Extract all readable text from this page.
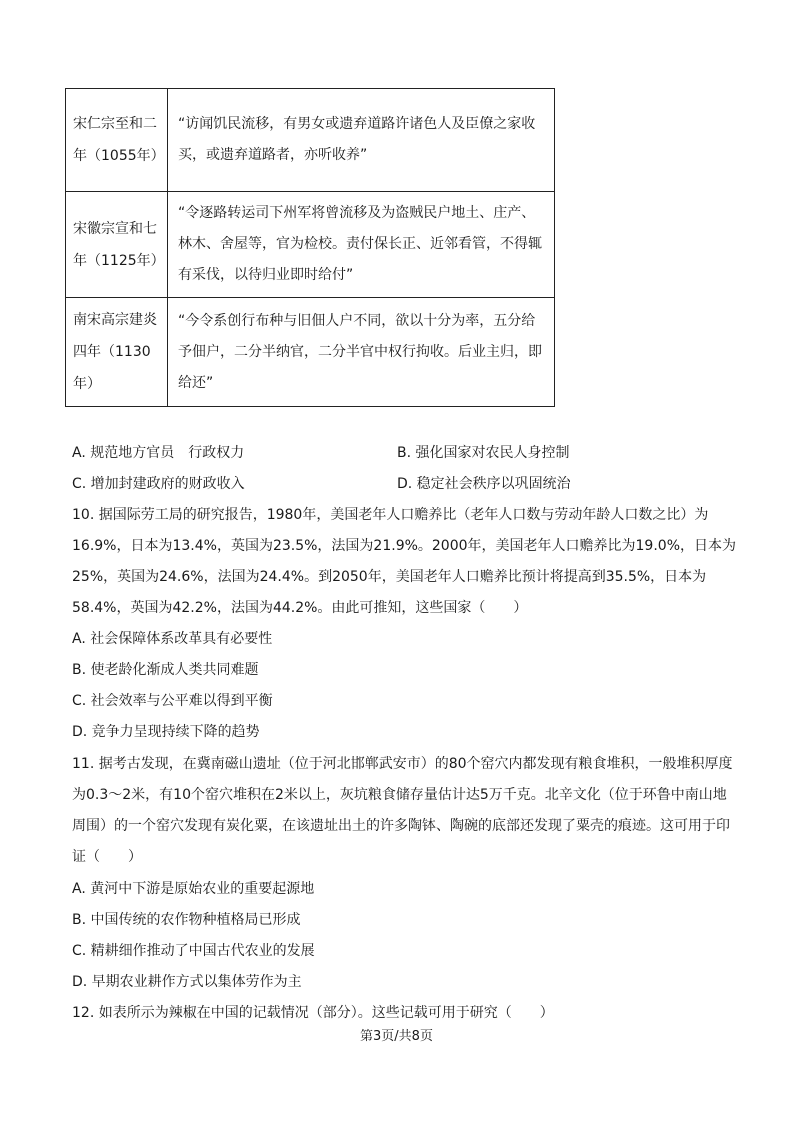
宋仁宗至和二年（1055年）	“访闻饥民流移，有男女或遗弃道路许诸色人及臣僚之家收买，或遗弃道路者，亦听收养”
宋徽宗宣和七年（1125年）	“令逐路转运司下州军将曾流移及为盗贼民户地土、庄产、林木、舍屋等，官为检校。责付保长正、近邻看管，不得辄有采伐，以待归业即时给付”
南宋高宗建炎四年（1130年）	“今令系创行布种与旧佃人户不同，欲以十分为率，五分给予佃户，二分半纳官，二分半官中权行拘收。后业主归，即给还”
A. 规范地方官员　行政权力	B. 强化国家对农民人身控制
C. 增加封建政府的财政收入	D. 稳定社会秩序以巩固统治
10. 据国际劳工局的研究报告，1980年，美国老年人口赡养比（老年人口数与劳动年龄人口数之比）为16.9%，日本为13.4%，英国为23.5%，法国为21.9%。2000年，美国老年人口赡养比为19.0%，日本为25%，英国为24.6%，法国为24.4%。到2050年，美国老年人口赡养比预计将提高到35.5%，日本为58.4%，英国为42.2%，法国为44.2%。由此可推知，这些国家（　　）
A. 社会保障体系改革具有必要性
B. 使老龄化渐成人类共同难题
C. 社会效率与公平难以得到平衡
D. 竞争力呈现持续下降的趋势
11. 据考古发现，在冀南磁山遗址（位于河北邯郸武安市）的80个窑穴内都发现有粮食堆积，一般堆积厚度为0.3～2米，有10个窑穴堆积在2米以上，灰坑粮食储存量估计达5万千克。北辛文化（位于环鲁中南山地周围）的一个窑穴发现有炭化粟，在该遗址出土的许多陶钵、陶碗的底部还发现了粟壳的痕迹。这可用于印证（　　）
A. 黄河中下游是原始农业的重要起源地
B. 中国传统的农作物种植格局已形成
C. 精耕细作推动了中国古代农业的发展
D. 早期农业耕作方式以集体劳作为主
12. 如表所示为辣椒在中国的记载情况（部分）。这些记载可用于研究（　　）
第3页/共8页
